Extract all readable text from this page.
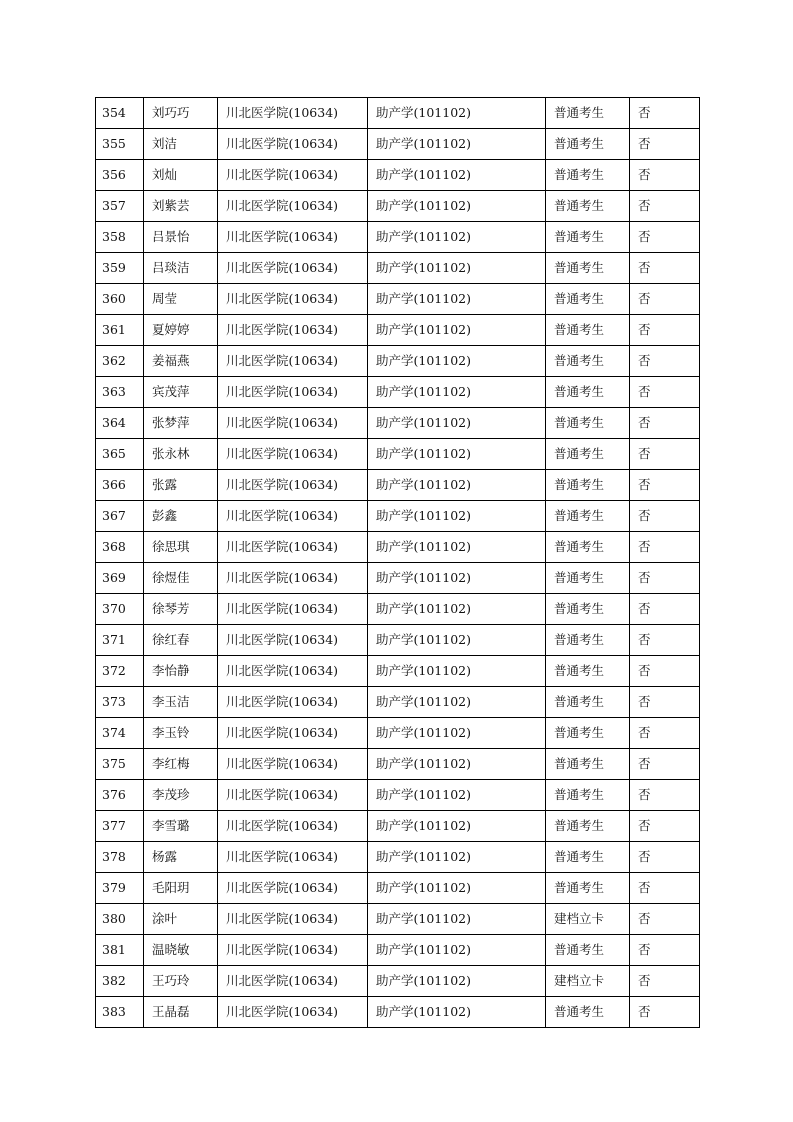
354	刘巧巧	川北医学院(10634)	助产学(101102)	普通考生	否
355	刘洁	川北医学院(10634)	助产学(101102)	普通考生	否
356	刘灿	川北医学院(10634)	助产学(101102)	普通考生	否
357	刘紫芸	川北医学院(10634)	助产学(101102)	普通考生	否
358	吕景怡	川北医学院(10634)	助产学(101102)	普通考生	否
359	吕琰洁	川北医学院(10634)	助产学(101102)	普通考生	否
360	周莹	川北医学院(10634)	助产学(101102)	普通考生	否
361	夏婷婷	川北医学院(10634)	助产学(101102)	普通考生	否
362	姜福燕	川北医学院(10634)	助产学(101102)	普通考生	否
363	宾茂萍	川北医学院(10634)	助产学(101102)	普通考生	否
364	张梦萍	川北医学院(10634)	助产学(101102)	普通考生	否
365	张永林	川北医学院(10634)	助产学(101102)	普通考生	否
366	张露	川北医学院(10634)	助产学(101102)	普通考生	否
367	彭鑫	川北医学院(10634)	助产学(101102)	普通考生	否
368	徐思琪	川北医学院(10634)	助产学(101102)	普通考生	否
369	徐煜佳	川北医学院(10634)	助产学(101102)	普通考生	否
370	徐琴芳	川北医学院(10634)	助产学(101102)	普通考生	否
371	徐红春	川北医学院(10634)	助产学(101102)	普通考生	否
372	李怡静	川北医学院(10634)	助产学(101102)	普通考生	否
373	李玉洁	川北医学院(10634)	助产学(101102)	普通考生	否
374	李玉铃	川北医学院(10634)	助产学(101102)	普通考生	否
375	李红梅	川北医学院(10634)	助产学(101102)	普通考生	否
376	李茂珍	川北医学院(10634)	助产学(101102)	普通考生	否
377	李雪璐	川北医学院(10634)	助产学(101102)	普通考生	否
378	杨露	川北医学院(10634)	助产学(101102)	普通考生	否
379	毛阳玥	川北医学院(10634)	助产学(101102)	普通考生	否
380	涂叶	川北医学院(10634)	助产学(101102)	建档立卡	否
381	温晓敏	川北医学院(10634)	助产学(101102)	普通考生	否
382	王巧玲	川北医学院(10634)	助产学(101102)	建档立卡	否
383	王晶磊	川北医学院(10634)	助产学(101102)	普通考生	否
